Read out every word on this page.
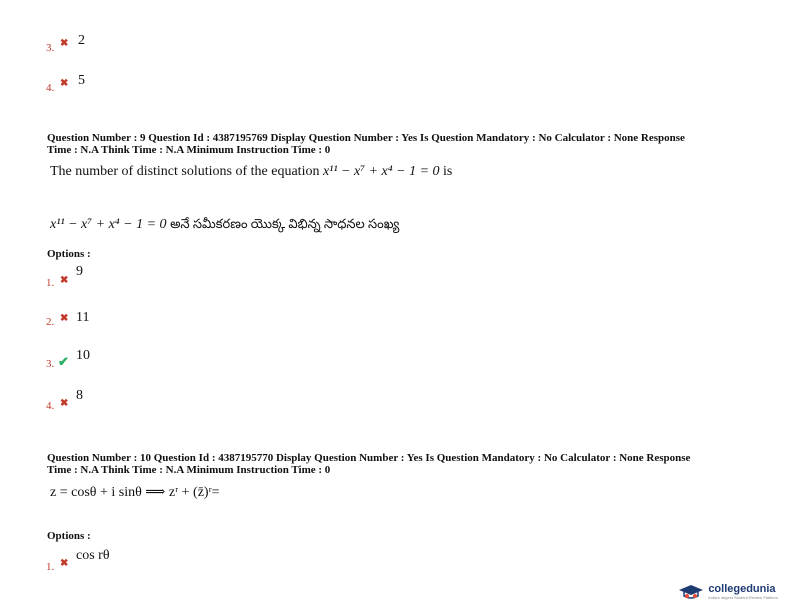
3. ✖ 2
4. ✖ 5
Question Number : 9 Question Id : 4387195769 Display Question Number : Yes Is Question Mandatory : No Calculator : None Response
Time : N.A Think Time : N.A Minimum Instruction Time : 0
The number of distinct solutions of the equation x¹¹ − x⁷ + x⁴ − 1 = 0 is
x¹¹ − x⁷ + x⁴ − 1 = 0 అనే సమీకరణం యొక్క విభిన్న సాధనల సంఖ్య
Options :
1. ✖
9
2. ✖ 11
3. ✔ 10
4. ✖
8
Question Number : 10 Question Id : 4387195770 Display Question Number : Yes Is Question Mandatory : No Calculator : None Response
Time : N.A Think Time : N.A Minimum Instruction Time : 0
z = cosθ + i sinθ ⟹ zʳ + (z̄)ʳ=
Options :
1. ✖
cos rθ
collegedunia
India's largest Student Review Platform
